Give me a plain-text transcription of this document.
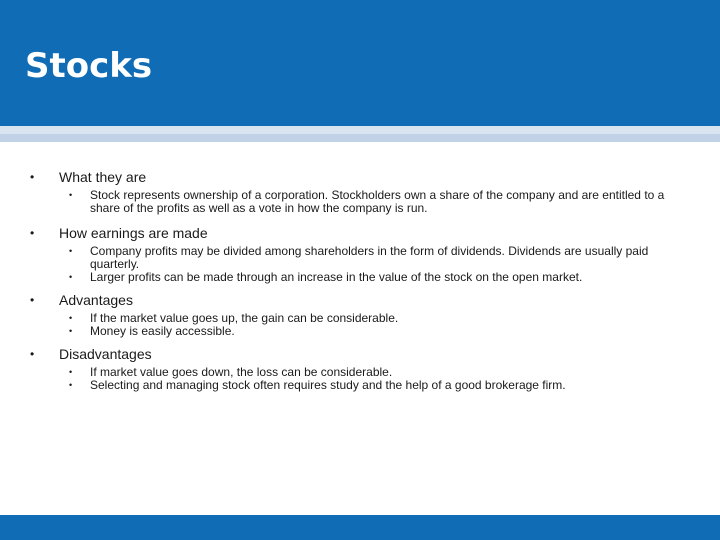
Stocks
• What they are
• Stock represents ownership of a corporation. Stockholders own a share of the company and are entitled to a share of the profits as well as a vote in how the company is run.
• How earnings are made
• Company profits may be divided among shareholders in the form of dividends. Dividends are usually paid quarterly.
• Larger profits can be made through an increase in the value of the stock on the open market.
• Advantages
• If the market value goes up, the gain can be considerable.
• Money is easily accessible.
• Disadvantages
• If market value goes down, the loss can be considerable.
• Selecting and managing stock often requires study and the help of a good brokerage firm.
